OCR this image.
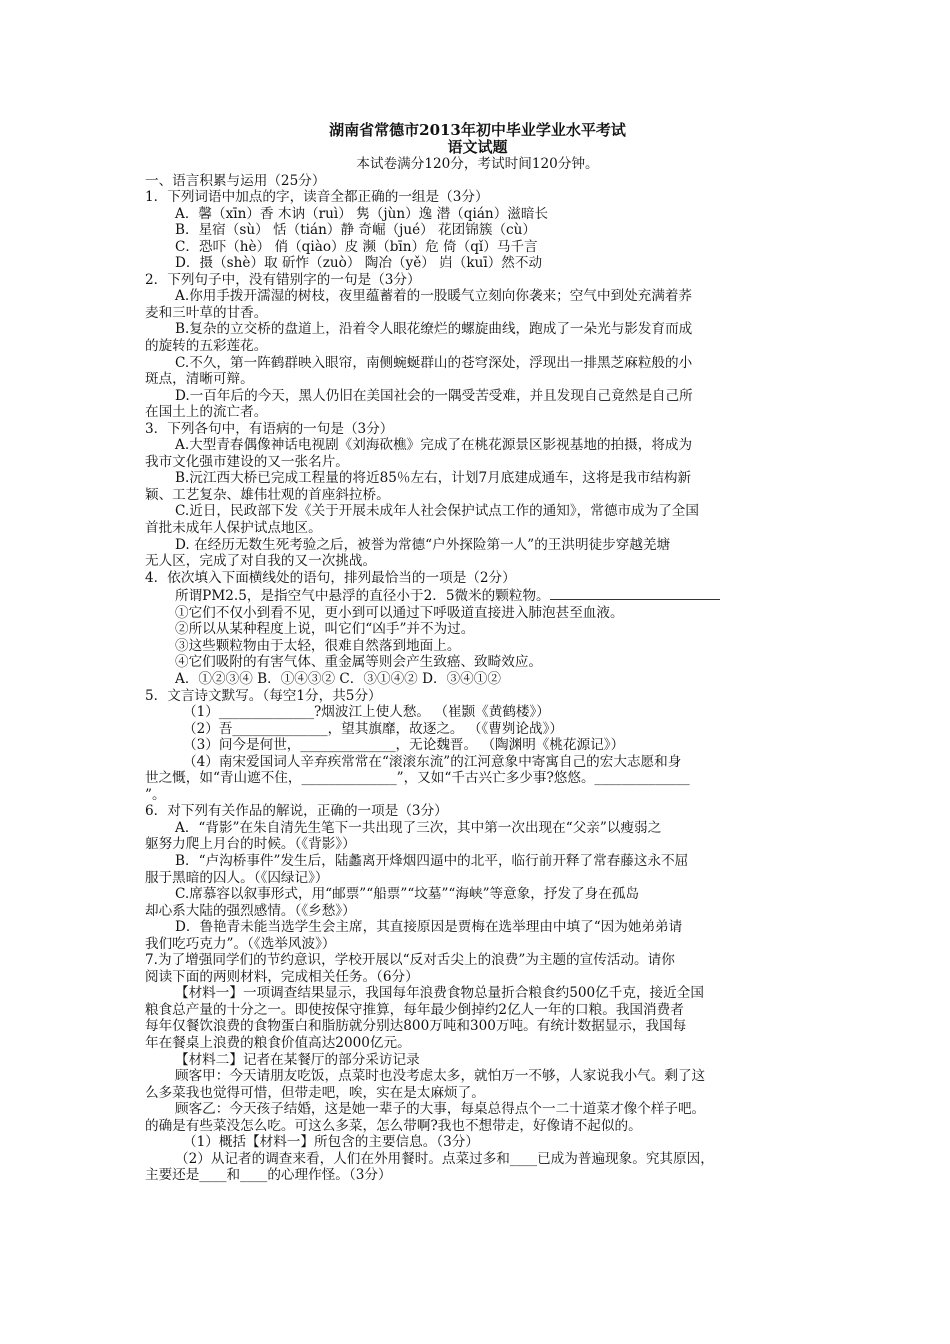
湖南省常德市2013年初中毕业学业水平考试
语文试题
本试卷满分120分，考试时间120分钟。
一、语言积累与运用（25分）
1．下列词语中加点的字，读音全都正确的一组是（3分）
A．馨（xīn）香 木讷（ruì） 隽（jùn）逸 潜（qián）滋暗长
B．星宿（sù） 恬（tián）静 奇崛（jué） 花团锦簇（cù）
C．恐吓（hè） 俏（qiào）皮 濒（bīn）危 倚（qǐ）马千言
D．摄（shè）取 斫怍（zuò） 陶冶（yě） 岿（kuī）然不动
2．下列句子中，没有错别字的一句是（3分）
A.你用手拨开濡湿的树枝，夜里蕴蓄着的一股暖气立刻向你袭来；空气中到处充满着荞
麦和三叶草的甘香。
B.复杂的立交桥的盘道上，沿着令人眼花缭烂的螺旋曲线，跑成了一朵光与影发育而成
的旋转的五彩莲花。
C.不久，第一阵鹤群映入眼帘，南侧蜿蜒群山的苍穹深处，浮现出一排黑芝麻粒般的小
斑点，清晰可辩。
D.一百年后的今天，黑人仍旧在美国社会的一隅受苦受难，并且发现自己竟然是自己所
在国土上的流亡者。
3．下列各句中，有语病的一句是（3分）
A.大型青春偶像神话电视剧《刘海砍樵》完成了在桃花源景区影视基地的拍摄，将成为
我市文化强市建设的又一张名片。
B.沅江西大桥已完成工程量的将近85％左右，计划7月底建成通车，这将是我市结构新
颖、工艺复杂、雄伟壮观的首座斜拉桥。
C.近日，民政部下发《关于开展未成年人社会保护试点工作的通知》，常德市成为了全国
首批未成年人保护试点地区。
D. 在经历无数生死考验之后，被誉为常德“户外探险第一人”的王洪明徒步穿越羌塘
无人区，完成了对自我的又一次挑战。
4．依次填入下面横线处的语句，排列最恰当的一项是（2分）
所谓PM2.5，是指空气中悬浮的直径小于2．5微米的颗粒物。
①它们不仅小到看不见，更小到可以通过下呼吸道直接进入肺泡甚至血液。
②所以从某种程度上说，叫它们“凶手”并不为过。
③这些颗粒物由于太轻，很难自然落到地面上。
④它们吸附的有害气体、重金属等则会产生致癌、致畸效应。
A．①②③④ B．①④③② C．③①④② D．③④①②
5．文言诗文默写。（每空1分，共5分）
（1）______________?烟波江上使人愁。 （崔颢《黄鹤楼》）
（2）吾______________，望其旗靡，故逐之。 （《曹刿论战》）
（3）问今是何世，______________，无论魏晋。 （陶渊明《桃花源记》）
（4）南宋爱国词人辛弃疾常常在“滚滚东流”的江河意象中寄寓自己的宏大志愿和身
世之慨，如“青山遮不住，______________”，又如“千古兴亡多少事?悠悠。______________
”。
6．对下列有关作品的解说，正确的一项是（3分）
A．“背影”在朱自清先生笔下一共出现了三次，其中第一次出现在“父亲”以瘦弱之
躯努力爬上月台的时候。（《背影》）
B．“卢沟桥事件”发生后，陆蠡离开烽烟四逼中的北平，临行前开释了常春藤这永不屈
服于黑暗的囚人。（《囚绿记》）
C.席慕容以叙事形式，用“邮票”“船票”“坟墓”“海峡”等意象，抒发了身在孤岛
却心系大陆的强烈感情。（《乡愁》）
D．鲁艳青未能当选学生会主席，其直接原因是贾梅在选举理由中填了“因为她弟弟请
我们吃巧克力”。（《选举风波》）
7.为了增强同学们的节约意识，学校开展以“反对舌尖上的浪费”为主题的宣传活动。请你
阅读下面的两则材料，完成相关任务。（6分）
【材料一】一项调查结果显示，我国每年浪费食物总量折合粮食约500亿千克，接近全国
粮食总产量的十分之一。即使按保守推算，每年最少倒掉约2亿人一年的口粮。我国消费者
每年仅餐饮浪费的食物蛋白和脂肪就分别达800万吨和300万吨。有统计数据显示，我国每
年在餐桌上浪费的粮食价值高达2000亿元。
【材料二】记者在某餐厅的部分采访记录
顾客甲：今天请朋友吃饭，点菜时也没考虑太多，就怕万一不够，人家说我小气。剩了这
么多菜我也觉得可惜，但带走吧，唉，实在是太麻烦了。
顾客乙：今天孩子结婚，这是她一辈子的大事，每桌总得点个一二十道菜才像个样子吧。
的确是有些菜没怎么吃。可这么多菜，怎么带啊?我也不想带走，好像请不起似的。
（1）概括【材料一】所包含的主要信息。（3分）
（2）从记者的调查来看，人们在外用餐时。点菜过多和____已成为普遍现象。究其原因，
主要还是____和____的心理作怪。（3分）
